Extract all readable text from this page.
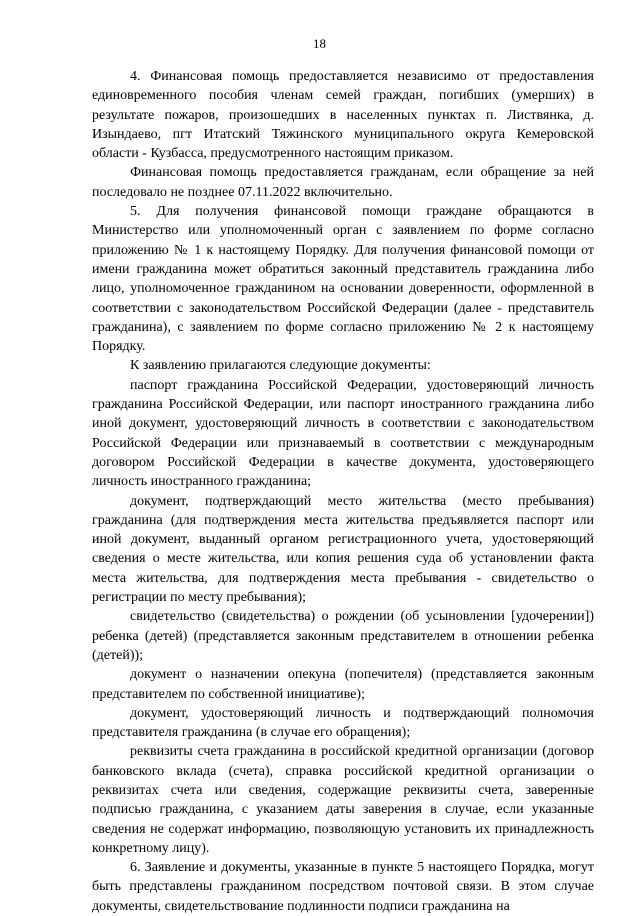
18

4. Финансовая помощь предоставляется независимо от предоставления единовременного пособия членам семей граждан, погибших (умерших) в результате пожаров, произошедших в населенных пунктах п. Листвянка, д. Изындаево, пгт Итатский Тяжинского муниципального округа Кемеровской области - Кузбасса, предусмотренного настоящим приказом.

Финансовая помощь предоставляется гражданам, если обращение за ней последовало не позднее 07.11.2022 включительно.

5. Для получения финансовой помощи граждане обращаются в Министерство или уполномоченный орган с заявлением по форме согласно приложению № 1 к настоящему Порядку. Для получения финансовой помощи от имени гражданина может обратиться законный представитель гражданина либо лицо, уполномоченное гражданином на основании доверенности, оформленной в соответствии с законодательством Российской Федерации (далее - представитель гражданина), с заявлением по форме согласно приложению № 2 к настоящему Порядку.

К заявлению прилагаются следующие документы:

паспорт гражданина Российской Федерации, удостоверяющий личность гражданина Российской Федерации, или паспорт иностранного гражданина либо иной документ, удостоверяющий личность в соответствии с законодательством Российской Федерации или признаваемый в соответствии с международным договором Российской Федерации в качестве документа, удостоверяющего личность иностранного гражданина;

документ, подтверждающий место жительства (место пребывания) гражданина (для подтверждения места жительства предъявляется паспорт или иной документ, выданный органом регистрационного учета, удостоверяющий сведения о месте жительства, или копия решения суда об установлении факта места жительства, для подтверждения места пребывания - свидетельство о регистрации по месту пребывания);

свидетельство (свидетельства) о рождении (об усыновлении [удочерении]) ребенка (детей) (представляется законным представителем в отношении ребенка (детей));

документ о назначении опекуна (попечителя) (представляется законным представителем по собственной инициативе);

документ, удостоверяющий личность и подтверждающий полномочия представителя гражданина (в случае его обращения);

реквизиты счета гражданина в российской кредитной организации (договор банковского вклада (счета), справка российской кредитной организации о реквизитах счета или сведения, содержащие реквизиты счета, заверенные подписью гражданина, с указанием даты заверения в случае, если указанные сведения не содержат информацию, позволяющую установить их принадлежность конкретному лицу).

6. Заявление и документы, указанные в пункте 5 настоящего Порядка, могут быть представлены гражданином посредством почтовой связи. В этом случае документы, свидетельствование подлинности подписи гражданина на
